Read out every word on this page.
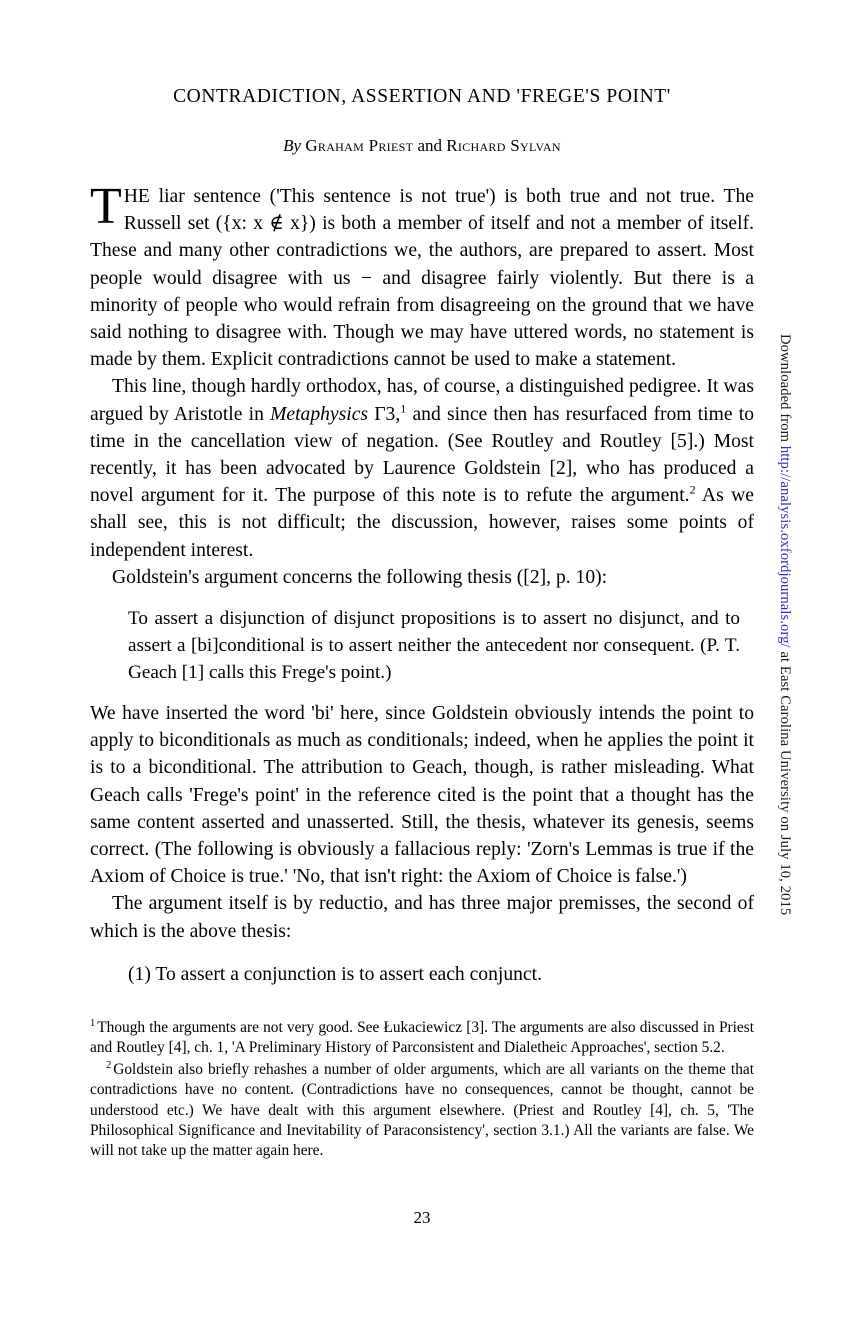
CONTRADICTION, ASSERTION AND 'FREGE'S POINT'
By Graham Priest and Richard Sylvan

THE liar sentence ('This sentence is not true') is both true and not true. The Russell set ({x: x ∉ x}) is both a member of itself and not a member of itself. These and many other contradictions we, the authors, are prepared to assert. Most people would disagree with us − and disagree fairly violently. But there is a minority of people who would refrain from disagreeing on the ground that we have said nothing to disagree with. Though we may have uttered words, no statement is made by them. Explicit contradictions cannot be used to make a statement.

This line, though hardly orthodox, has, of course, a distinguished pedigree. It was argued by Aristotle in Metaphysics Γ3,$^1$ and since then has resurfaced from time to time in the cancellation view of negation. (See Routley and Routley [5].) Most recently, it has been advocated by Laurence Goldstein [2], who has produced a novel argument for it. The purpose of this note is to refute the argument.$^2$ As we shall see, this is not difficult; the discussion, however, raises some points of independent interest.

Goldstein's argument concerns the following thesis ([2], p. 10):

To assert a disjunction of disjunct propositions is to assert no disjunct, and to assert a [bi]conditional is to assert neither the antecedent nor consequent. (P. T. Geach [1] calls this Frege's point.)

We have inserted the word 'bi' here, since Goldstein obviously intends the point to apply to biconditionals as much as conditionals; indeed, when he applies the point it is to a biconditional. The attribution to Geach, though, is rather misleading. What Geach calls 'Frege's point' in the reference cited is the point that a thought has the same content asserted and unasserted. Still, the thesis, whatever its genesis, seems correct. (The following is obviously a fallacious reply: 'Zorn's Lemmas is true if the Axiom of Choice is true.' 'No, that isn't right: the Axiom of Choice is false.')

The argument itself is by reductio, and has three major premisses, the second of which is the above thesis:

(1) To assert a conjunction is to assert each conjunct.

$^1$ Though the arguments are not very good. See Łukaciewicz [3]. The arguments are also discussed in Priest and Routley [4], ch. 1, 'A Preliminary History of Parconsistent and Dialetheic Approaches', section 5.2.

$^2$ Goldstein also briefly rehashes a number of older arguments, which are all variants on the theme that contradictions have no content. (Contradictions have no consequences, cannot be thought, cannot be understood etc.) We have dealt with this argument elsewhere. (Priest and Routley [4], ch. 5, 'The Philosophical Significance and Inevitability of Paraconsistency', section 3.1.) All the variants are false. We will not take up the matter again here.

23
Downloaded from http://analysis.oxfordjournals.org/ at East Carolina University on July 10, 2015
